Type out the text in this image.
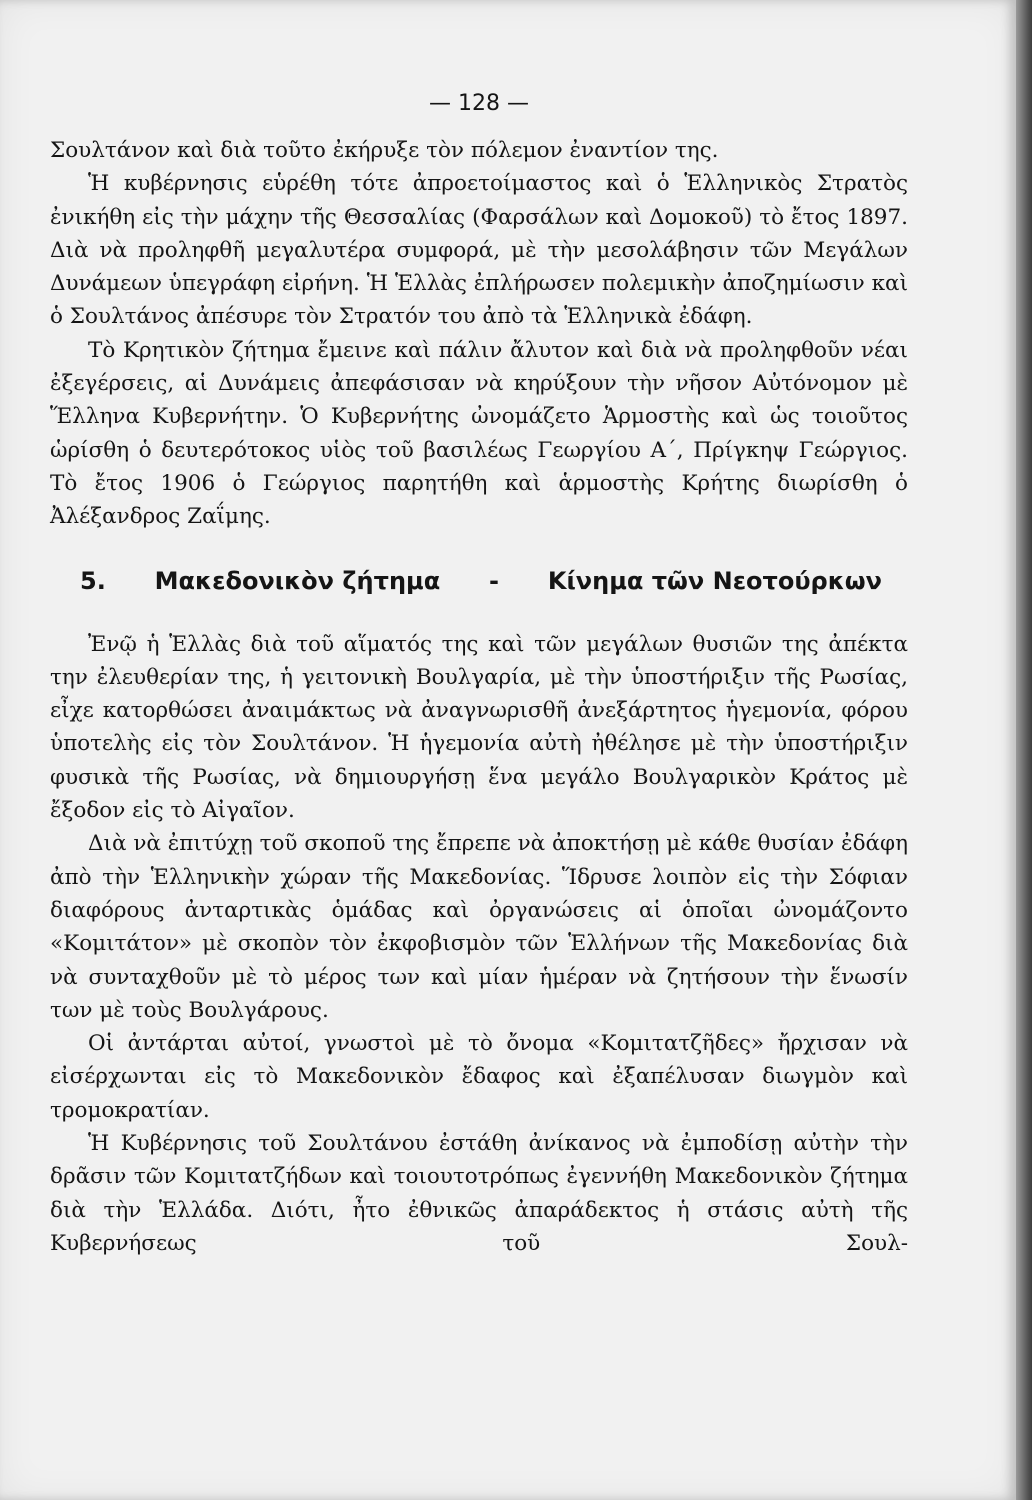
— 128 —

Σουλτάνον καὶ διὰ τοῦτο ἐκήρυξε τὸν πόλεμον ἐναντίον της.

Ἡ κυβέρνησις εὑρέθη τότε ἀπροετοίμαστος καὶ ὁ Ἑλληνικὸς Στρατὸς ἐνικήθη εἰς τὴν μάχην τῆς Θεσσαλίας (Φαρσάλων καὶ Δομοκοῦ) τὸ ἔτος 1897. Διὰ νὰ προληφθῆ μεγαλυτέρα συμφορά, μὲ τὴν μεσολάβησιν τῶν Μεγάλων Δυνάμεων ὑπεγράφη εἰρήνη. Ἡ Ἑλλὰς ἐπλήρωσεν πολεμικὴν ἀποζημίωσιν καὶ ὁ Σουλτάνος ἀπέσυρε τὸν Στρατόν του ἀπὸ τὰ Ἑλληνικὰ ἐδάφη.

Τὸ Κρητικὸν ζήτημα ἔμεινε καὶ πάλιν ἄλυτον καὶ διὰ νὰ προληφθοῦν νέαι ἐξεγέρσεις, αἱ Δυνάμεις ἀπεφάσισαν νὰ κηρύξουν τὴν νῆσον Αὐτόνομον μὲ Ἕλληνα Κυβερνήτην. Ὁ Κυβερνήτης ὠνομάζετο Ἁρμοστὴς καὶ ὡς τοιοῦτος ὡρίσθη ὁ δευτερότοκος υἱὸς τοῦ βασιλέως Γεωργίου Α΄, Πρίγκηψ Γεώργιος. Τὸ ἔτος 1906 ὁ Γεώργιος παρητήθη καὶ ἁρμοστὴς Κρήτης διωρίσθη ὁ Ἀλέξανδρος Ζαΐμης.

5. Μακεδονικὸν ζήτημα - Κίνημα τῶν Νεοτούρκων

Ἐνῷ ἡ Ἑλλὰς διὰ τοῦ αἵματός της καὶ τῶν μεγάλων θυσιῶν της ἀπέκτα την ἐλευθερίαν της, ἡ γειτονικὴ Βουλγαρία, μὲ τὴν ὑποστήριξιν τῆς Ρωσίας, εἶχε κατορθώσει ἀναιμάκτως νὰ ἀναγνωρισθῆ ἀνεξάρτητος ἡγεμονία, φόρου ὑποτελὴς εἰς τὸν Σουλτάνον. Ἡ ἡγεμονία αὐτὴ ἠθέλησε μὲ τὴν ὑποστήριξιν φυσικὰ τῆς Ρωσίας, νὰ δημιουργήσῃ ἕνα μεγάλο Βουλγαρικὸν Κράτος μὲ ἔξοδον εἰς τὸ Αἰγαῖον.

Διὰ νὰ ἐπιτύχῃ τοῦ σκοποῦ της ἔπρεπε νὰ ἀποκτήσῃ μὲ κάθε θυσίαν ἐδάφη ἀπὸ τὴν Ἑλληνικὴν χώραν τῆς Μακεδονίας. Ἵδρυσε λοιπὸν εἰς τὴν Σόφιαν διαφόρους ἀνταρτικὰς ὁμάδας καὶ ὀργανώσεις αἱ ὁποῖαι ὠνομάζοντο «Κομιτάτον» μὲ σκοπὸν τὸν ἐκφοβισμὸν τῶν Ἑλλήνων τῆς Μακεδονίας διὰ νὰ συνταχθοῦν μὲ τὸ μέρος των καὶ μίαν ἡμέραν νὰ ζητήσουν τὴν ἕνωσίν των μὲ τοὺς Βουλγάρους.

Οἱ ἀντάρται αὐτοί, γνωστοὶ μὲ τὸ ὄνομα «Κομιτατζῆδες» ἤρχισαν νὰ εἰσέρχωνται εἰς τὸ Μακεδονικὸν ἔδαφος καὶ ἐξαπέλυσαν διωγμὸν καὶ τρομοκρατίαν.

Ἡ Κυβέρνησις τοῦ Σουλτάνου ἐστάθη ἀνίκανος νὰ ἐμποδίσῃ αὐτὴν τὴν δρᾶσιν τῶν Κομιτατζήδων καὶ τοιουτοτρόπως ἐγεννήθη Μακεδονικὸν ζήτημα διὰ τὴν Ἑλλάδα. Διότι, ἦτο ἐθνικῶς ἀπαράδεκτος ἡ στάσις αὐτὴ τῆς Κυβερνήσεως τοῦ Σουλ-
